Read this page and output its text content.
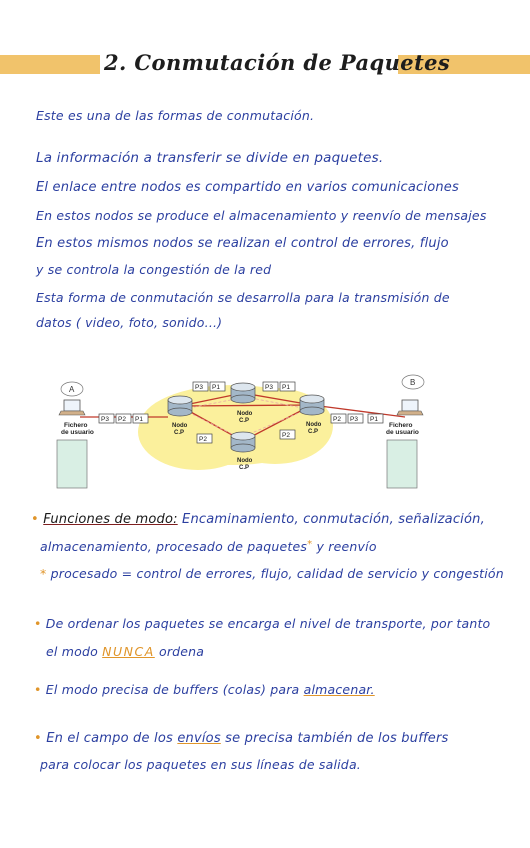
2. Conmutación de Paquetes
Este es una de las formas de conmutación.
La información a transferir se divide en paquetes.
El enlace entre nodos es compartido en varios comunicaciones
En estos nodos se produce el almacenamiento y reenvío de mensajes
En estos mismos nodos se realizan el control de errores, flujo
y se controla la congestión de la red
Esta forma de conmutación se desarrolla para la transmisión de
datos ( video, foto, sonido...)
A
Fichero
de usuario
B
Fichero
de usuario
Nodo
C.P
Nodo
C.P
Nodo
C.P
Nodo
C.P
P3 P2 P1
P3 P1	P3 P1
P2
P2
P2 P3 P1
• Funciones de modo: Encaminamiento, conmutación, señalización,
almacenamiento, procesado de paquetes* y reenvío
* procesado = control de errores, flujo, calidad de servicio y congestión
• De ordenar los paquetes se encarga el nivel de transporte, por tanto
el modo NUNCA ordena
• El modo precisa de buffers (colas) para almacenar.
• En el campo de los envíos se precisa también de los buffers
para colocar los paquetes en sus líneas de salida.
